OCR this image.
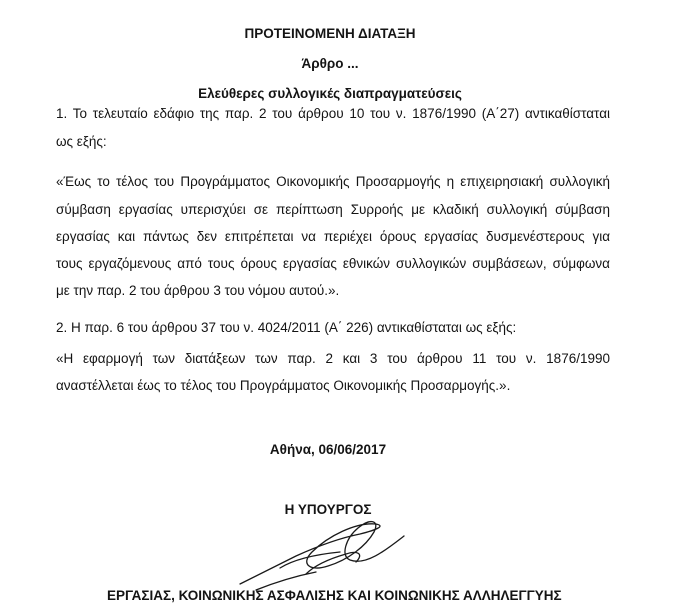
ΠΡΟΤΕΙΝΟΜΕΝΗ ΔΙΑΤΑΞΗ
Άρθρο ...
Ελεύθερες συλλογικές διαπραγματεύσεις
1. Το τελευταίο εδάφιο της παρ. 2 του άρθρου 10 του ν. 1876/1990 (Α΄27) αντικαθίσταται
ως εξής:
«Έως το τέλος του Προγράμματος Οικονομικής Προσαρμογής η επιχειρησιακή συλλογική
σύμβαση εργασίας υπερισχύει σε περίπτωση Συρροής με κλαδική συλλογική σύμβαση
εργασίας και πάντως δεν επιτρέπεται να περιέχει όρους εργασίας δυσμενέστερους για
τους εργαζόμενους από τους όρους εργασίας εθνικών συλλογικών συμβάσεων, σύμφωνα
με την παρ. 2 του άρθρου 3 του νόμου αυτού.».
2. Η παρ. 6 του άρθρου 37 του ν. 4024/2011 (Α΄ 226) αντικαθίσταται ως εξής:
«Η εφαρμογή των διατάξεων των παρ. 2 και 3 του άρθρου 11 του ν. 1876/1990
αναστέλλεται έως το τέλος του Προγράμματος Οικονομικής Προσαρμογής.».
Αθήνα, 06/06/2017
Η ΥΠΟΥΡΓΟΣ
ΕΡΓΑΣΙΑΣ, ΚΟΙΝΩΝΙΚΗΣ ΑΣΦΑΛΙΣΗΣ ΚΑΙ ΚΟΙΝΩΝΙΚΗΣ ΑΛΛΗΛΕΓΓΥΗΣ
